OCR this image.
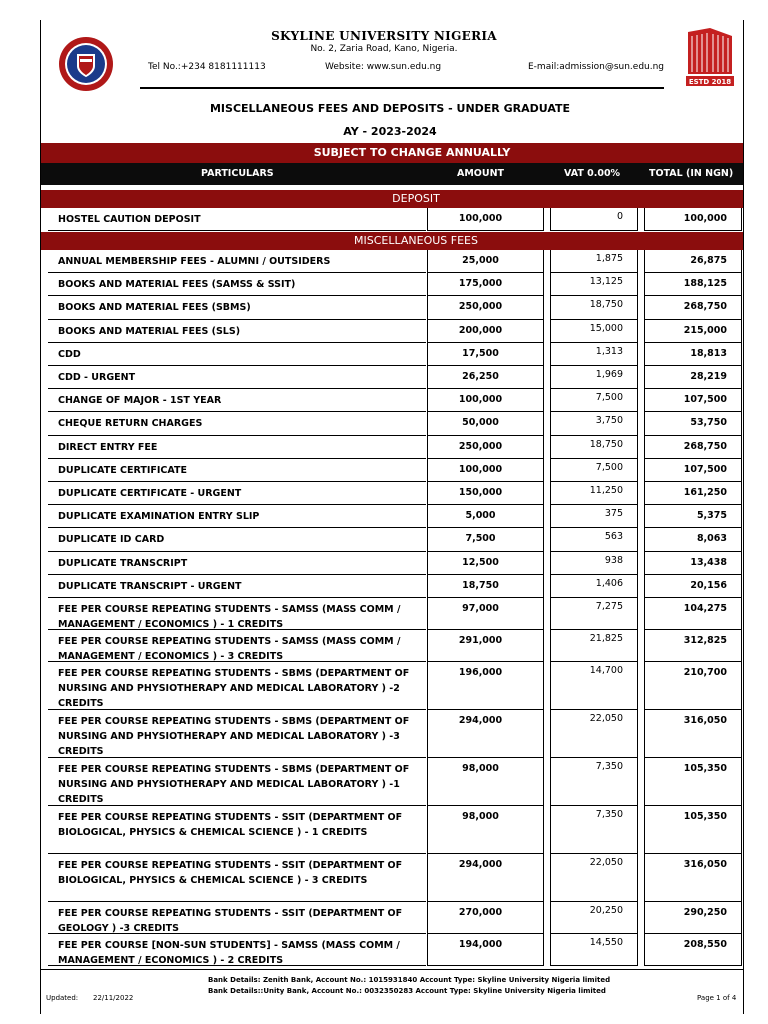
ESTD 2018
SKYLINE UNIVERSITY NIGERIA
No. 2, Zaria Road, Kano, Nigeria.
Tel No.:+234 8181111113	Website: www.sun.edu.ng	E-mail:admission@sun.edu.ng
MISCELLANEOUS FEES AND DEPOSITS - UNDER GRADUATE
AY - 2023-2024
SUBJECT TO CHANGE ANNUALLY
PARTICULARS	AMOUNT	VAT 0.00%	TOTAL (IN NGN)
DEPOSIT
HOSTEL CAUTION DEPOSIT	100,000	0	100,000
MISCELLANEOUS FEES
ANNUAL MEMBERSHIP FEES - ALUMNI / OUTSIDERS	25,000	1,875	26,875
BOOKS AND MATERIAL FEES (SAMSS & SSIT)	175,000	13,125	188,125
BOOKS AND MATERIAL FEES (SBMS)	250,000	18,750	268,750
BOOKS AND MATERIAL FEES (SLS)	200,000	15,000	215,000
CDD	17,500	1,313	18,813
CDD - URGENT	26,250	1,969	28,219
CHANGE OF MAJOR - 1ST YEAR	100,000	7,500	107,500
CHEQUE RETURN CHARGES	50,000	3,750	53,750
DIRECT ENTRY FEE	250,000	18,750	268,750
DUPLICATE CERTIFICATE	100,000	7,500	107,500
DUPLICATE CERTIFICATE - URGENT	150,000	11,250	161,250
DUPLICATE EXAMINATION ENTRY SLIP	5,000	375	5,375
DUPLICATE ID CARD	7,500	563	8,063
DUPLICATE TRANSCRIPT	12,500	938	13,438
DUPLICATE TRANSCRIPT - URGENT	18,750	1,406	20,156
FEE PER COURSE REPEATING STUDENTS - SAMSS (MASS COMM / MANAGEMENT / ECONOMICS ) - 1 CREDITS
97,000	7,275	104,275
FEE PER COURSE REPEATING STUDENTS - SAMSS (MASS COMM / MANAGEMENT / ECONOMICS ) - 3 CREDITS
291,000	21,825	312,825
FEE PER COURSE REPEATING STUDENTS - SBMS (DEPARTMENT OF NURSING AND PHYSIOTHERAPY AND MEDICAL LABORATORY ) -2 CREDITS
196,000	14,700	210,700
FEE PER COURSE REPEATING STUDENTS - SBMS (DEPARTMENT OF NURSING AND PHYSIOTHERAPY AND MEDICAL LABORATORY ) -3 CREDITS
294,000	22,050	316,050
FEE PER COURSE REPEATING STUDENTS - SBMS (DEPARTMENT OF NURSING AND PHYSIOTHERAPY AND MEDICAL LABORATORY ) -1 CREDITS
98,000	7,350	105,350
FEE PER COURSE REPEATING STUDENTS - SSIT (DEPARTMENT OF BIOLOGICAL, PHYSICS & CHEMICAL SCIENCE ) - 1 CREDITS
98,000	7,350	105,350
FEE PER COURSE REPEATING STUDENTS - SSIT (DEPARTMENT OF BIOLOGICAL, PHYSICS & CHEMICAL SCIENCE ) - 3 CREDITS
294,000	22,050	316,050
FEE PER COURSE REPEATING STUDENTS - SSIT (DEPARTMENT OF GEOLOGY ) -3 CREDITS
270,000	20,250	290,250
FEE PER COURSE [NON-SUN STUDENTS] - SAMSS (MASS COMM / MANAGEMENT / ECONOMICS ) - 2 CREDITS
194,000	14,550	208,550
Bank Details: Zenith Bank, Account No.: 1015931840 Account Type: Skyline University Nigeria limited
Bank Details::Unity Bank, Account No.: 0032350283 Account Type: Skyline University Nigeria limited
Updated: 22/11/2022	Page 1 of 4
